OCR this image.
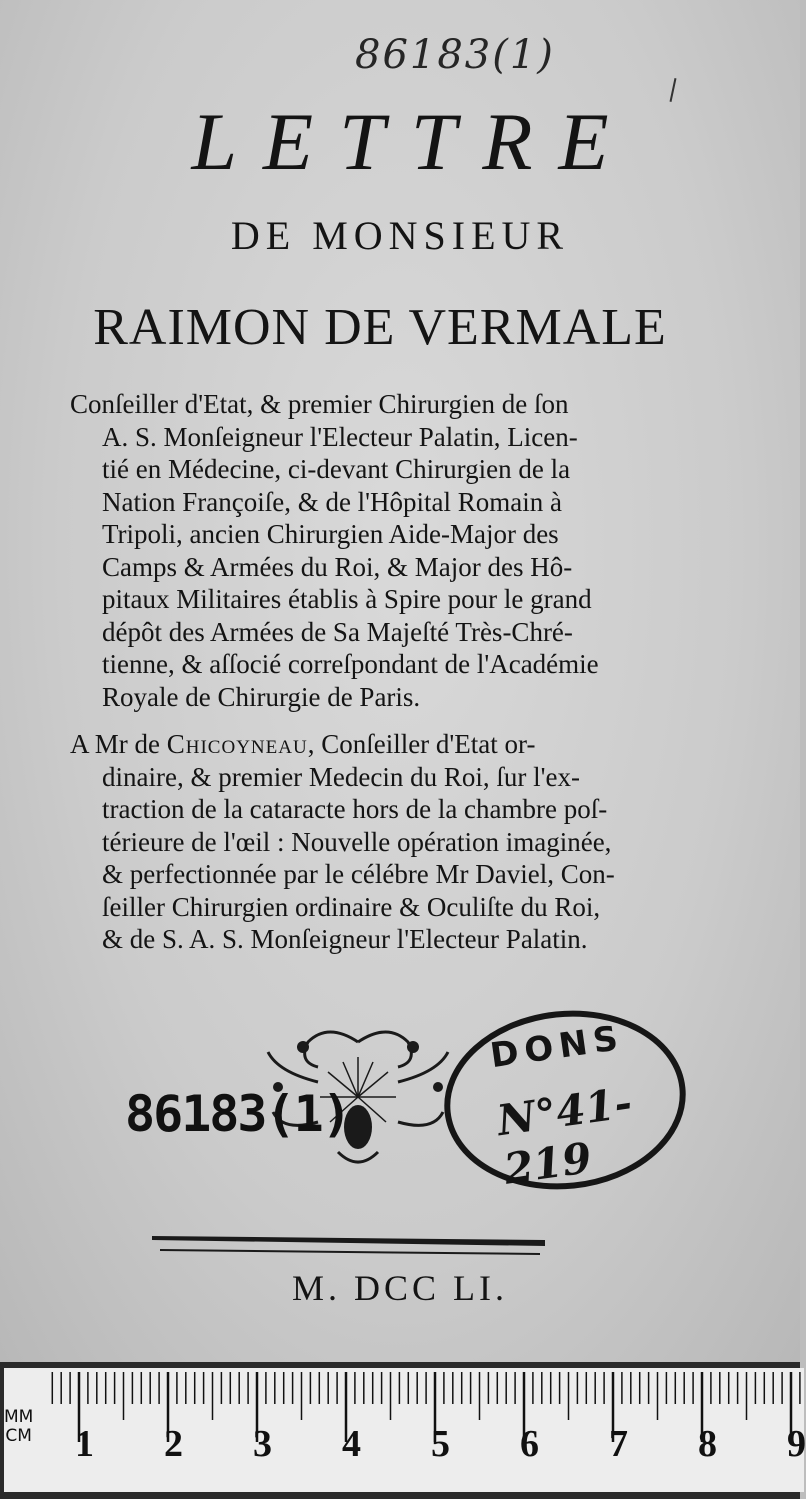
86183(1)
LETTRE
DE MONSIEUR
RAIMON DE VERMALE
Conſeiller d'Etat, & premier Chirurgien de ſon
A. S. Monſeigneur l'Electeur Palatin, Licen-
tié en Médecine, ci-devant Chirurgien de la
Nation Françoiſe, & de l'Hôpital Romain à
Tripoli, ancien Chirurgien Aide-Major des
Camps & Armées du Roi, & Major des Hô-
pitaux Militaires établis à Spire pour le grand
dépôt des Armées de Sa Majeſté Très-Chré-
tienne, & aſſocié correſpondant de l'Académie
Royale de Chirurgie de Paris.
A Mr de Chicoyneau, Conſeiller d'Etat or-
dinaire, & premier Medecin du Roi, ſur l'ex-
traction de la cataracte hors de la chambre poſ-
térieure de l'œil : Nouvelle opération imaginée,
& perfectionnée par le célébre Mr Daviel, Con-
ſeiller Chirurgien ordinaire & Oculiſte du Roi,
& de S. A. S. Monſeigneur l'Electeur Palatin.
86183(1)
DONS
N°41-219
M. DCC LI.
MM
CM 1 2 3 4 5 6 7 8 9
